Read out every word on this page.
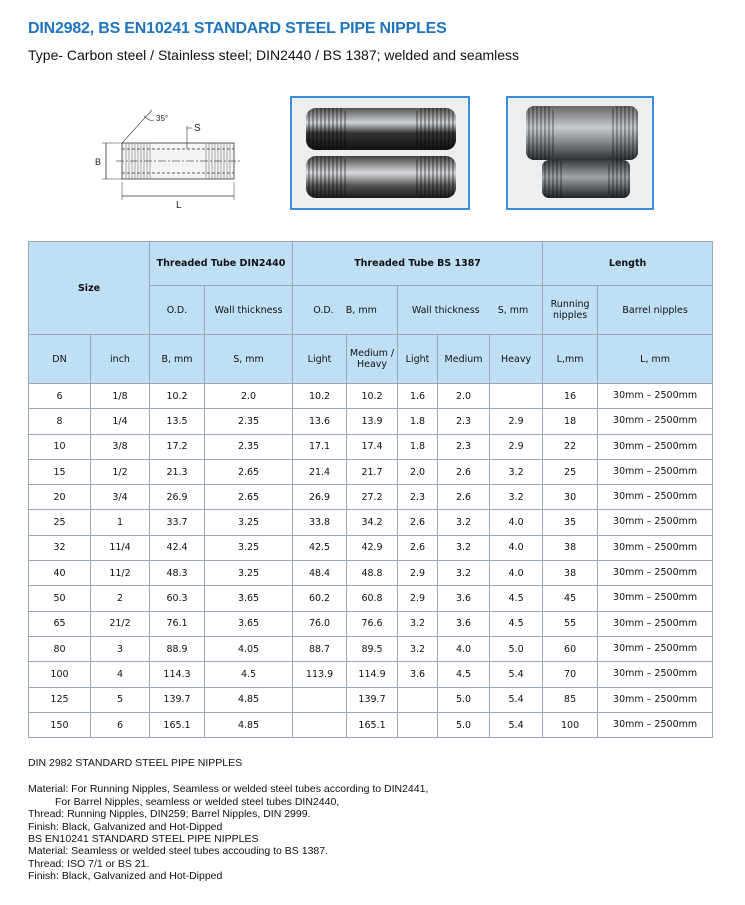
DIN2982, BS EN10241 STANDARD STEEL PIPE NIPPLES
Type- Carbon steel / Stainless steel; DIN2440 / BS 1387; welded and seamless
35°
S
B
L
Size		Threaded Tube DIN2440		Threaded Tube BS 1387					Length	
		O.D.	Wall thickness	O.D.    B, mm		Wall thickness      S, mm			Running nipples	Barrel nipples
DN	inch	B, mm	S, mm	Light	Medium / Heavy	Light	Medium	Heavy	L,mm	L, mm
6	1/8	10.2	2.0	10.2	10.2	1.6	2.0		16	30mm – 2500mm
8	1/4	13.5	2.35	13.6	13.9	1.8	2.3	2.9	18	30mm – 2500mm
10	3/8	17.2	2.35	17.1	17.4	1.8	2.3	2.9	22	30mm – 2500mm
15	1/2	21.3	2.65	21.4	21.7	2.0	2.6	3.2	25	30mm – 2500mm
20	3/4	26.9	2.65	26.9	27.2	2.3	2.6	3.2	30	30mm – 2500mm
25	1	33.7	3.25	33.8	34.2	2.6	3.2	4.0	35	30mm – 2500mm
32	11/4	42.4	3.25	42.5	42.9	2.6	3.2	4.0	38	30mm – 2500mm
40	11/2	48.3	3.25	48.4	48.8	2.9	3.2	4.0	38	30mm – 2500mm
50	2	60.3	3.65	60.2	60.8	2.9	3.6	4.5	45	30mm – 2500mm
65	21/2	76.1	3.65	76.0	76.6	3.2	3.6	4.5	55	30mm – 2500mm
80	3	88.9	4.05	88.7	89.5	3.2	4.0	5.0	60	30mm – 2500mm
100	4	114.3	4.5	113.9	114.9	3.6	4.5	5.4	70	30mm – 2500mm
125	5	139.7	4.85		139.7		5.0	5.4	85	30mm – 2500mm
150	6	165.1	4.85		165.1		5.0	5.4	100	30mm – 2500mm
DIN 2982 STANDARD STEEL PIPE NIPPLES
Material: For Running Nipples, Seamless or welded steel tubes according to DIN2441,
For Barrel Nipples, seamless or welded steel tubes DIN2440,
Thread: Running Nipples, DIN259; Barrel Nipples, DIN 2999.
Finish: Black, Galvanized and Hot-Dipped
BS EN10241 STANDARD STEEL PIPE NIPPLES
Material: Seamless or welded steel tubes accouding to BS 1387.
Thread: ISO 7/1 or BS 21.
Finish: Black, Galvanized and Hot-Dipped
